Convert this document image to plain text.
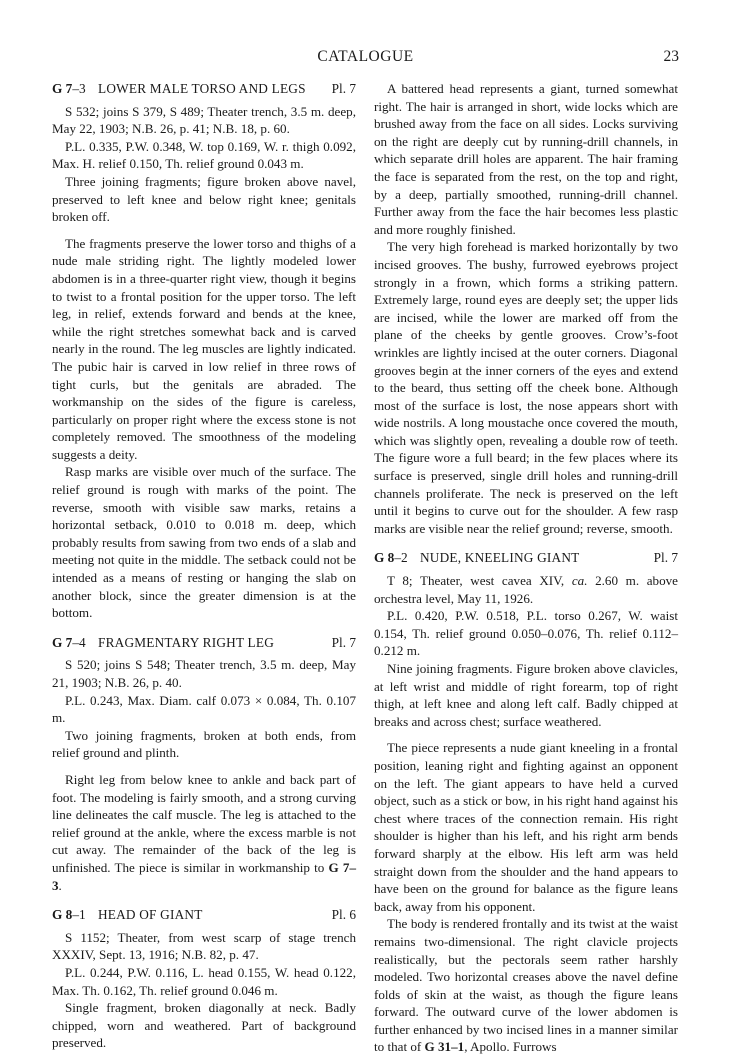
CATALOGUE	23
G 7–3 LOWER MALE TORSO AND LEGS Pl. 7

S 532; joins S 379, S 489; Theater trench, 3.5 m. deep, May 22, 1903; N.B. 26, p. 41; N.B. 18, p. 60.

P.L. 0.335, P.W. 0.348, W. top 0.169, W. r. thigh 0.092, Max. H. relief 0.150, Th. relief ground 0.043 m.

Three joining fragments; figure broken above navel, preserved to left knee and below right knee; genitals broken off.

The fragments preserve the lower torso and thighs of a nude male striding right. The lightly modeled lower abdomen is in a three-quarter right view, though it begins to twist to a frontal position for the upper torso. The left leg, in relief, extends forward and bends at the knee, while the right stretches somewhat back and is carved nearly in the round. The leg muscles are lightly indicated. The pubic hair is carved in low relief in three rows of tight curls, but the genitals are abraded. The workmanship on the sides of the figure is careless, particularly on proper right where the excess stone is not completely removed. The smoothness of the modeling suggests a deity.

Rasp marks are visible over much of the surface. The relief ground is rough with marks of the point. The reverse, smooth with visible saw marks, retains a horizontal setback, 0.010 to 0.018 m. deep, which probably results from sawing from two ends of a slab and meeting not quite in the middle. The setback could not be intended as a means of resting or hanging the slab on another block, since the greater dimension is at the bottom.

G 7–4 FRAGMENTARY RIGHT LEG	Pl. 7

S 520; joins S 548; Theater trench, 3.5 m. deep, May 21, 1903; N.B. 26, p. 40.

P.L. 0.243, Max. Diam. calf 0.073 × 0.084, Th. 0.107 m.

Two joining fragments, broken at both ends, from relief ground and plinth.

Right leg from below knee to ankle and back part of foot. The modeling is fairly smooth, and a strong curving line delineates the calf muscle. The leg is attached to the relief ground at the ankle, where the excess marble is not cut away. The remainder of the back of the leg is unfinished. The piece is similar in workmanship to G 7–3.

G 8–1 HEAD OF GIANT	Pl. 6

S 1152; Theater, from west scarp of stage trench XXXIV, Sept. 13, 1916; N.B. 82, p. 47.

P.L. 0.244, P.W. 0.116, L. head 0.155, W. head 0.122, Max. Th. 0.162, Th. relief ground 0.046 m.

Single fragment, broken diagonally at neck. Badly chipped, worn and weathered. Part of background preserved.

A battered head represents a giant, turned somewhat right. The hair is arranged in short, wide locks which are brushed away from the face on all sides. Locks surviving on the right are deeply cut by running-drill channels, in which separate drill holes are apparent. The hair framing the face is separated from the rest, on the top and right, by a deep, partially smoothed, running-drill channel. Further away from the face the hair becomes less plastic and more roughly finished.

The very high forehead is marked horizontally by two incised grooves. The bushy, furrowed eyebrows project strongly in a frown, which forms a striking pattern. Extremely large, round eyes are deeply set; the upper lids are incised, while the lower are marked off from the plane of the cheeks by gentle grooves. Crow’s-foot wrinkles are lightly incised at the outer corners. Diagonal grooves begin at the inner corners of the eyes and extend to the beard, thus setting off the cheek bone. Although most of the surface is lost, the nose appears short with wide nostrils. A long moustache once covered the mouth, which was slightly open, revealing a double row of teeth. The figure wore a full beard; in the few places where its surface is preserved, single drill holes and running-drill channels proliferate. The neck is preserved on the left until it begins to curve out for the shoulder. A few rasp marks are visible near the relief ground; reverse, smooth.

G 8–2 NUDE, KNEELING GIANT	Pl. 7

T 8; Theater, west cavea XIV, ca. 2.60 m. above orchestra level, May 11, 1926.

P.L. 0.420, P.W. 0.518, P.L. torso 0.267, W. waist 0.154, Th. relief ground 0.050–0.076, Th. relief 0.112–0.212 m.

Nine joining fragments. Figure broken above clavicles, at left wrist and middle of right forearm, top of right thigh, at left knee and along left calf. Badly chipped at breaks and across chest; surface weathered.

The piece represents a nude giant kneeling in a frontal position, leaning right and fighting against an opponent on the left. The giant appears to have held a curved object, such as a stick or bow, in his right hand against his chest where traces of the connection remain. His right shoulder is higher than his left, and his right arm bends forward sharply at the elbow. His left arm was held straight down from the shoulder and the hand appears to have been on the ground for balance as the figure leans back, away from his opponent.

The body is rendered frontally and its twist at the waist remains two-dimensional. The right clavicle projects realistically, but the pectorals seem rather harshly modeled. Two horizontal creases above the navel define folds of skin at the waist, as though the figure leans forward. The outward curve of the lower abdomen is further enhanced by two incised lines in a manner similar to that of G 31–1, Apollo. Furrows
